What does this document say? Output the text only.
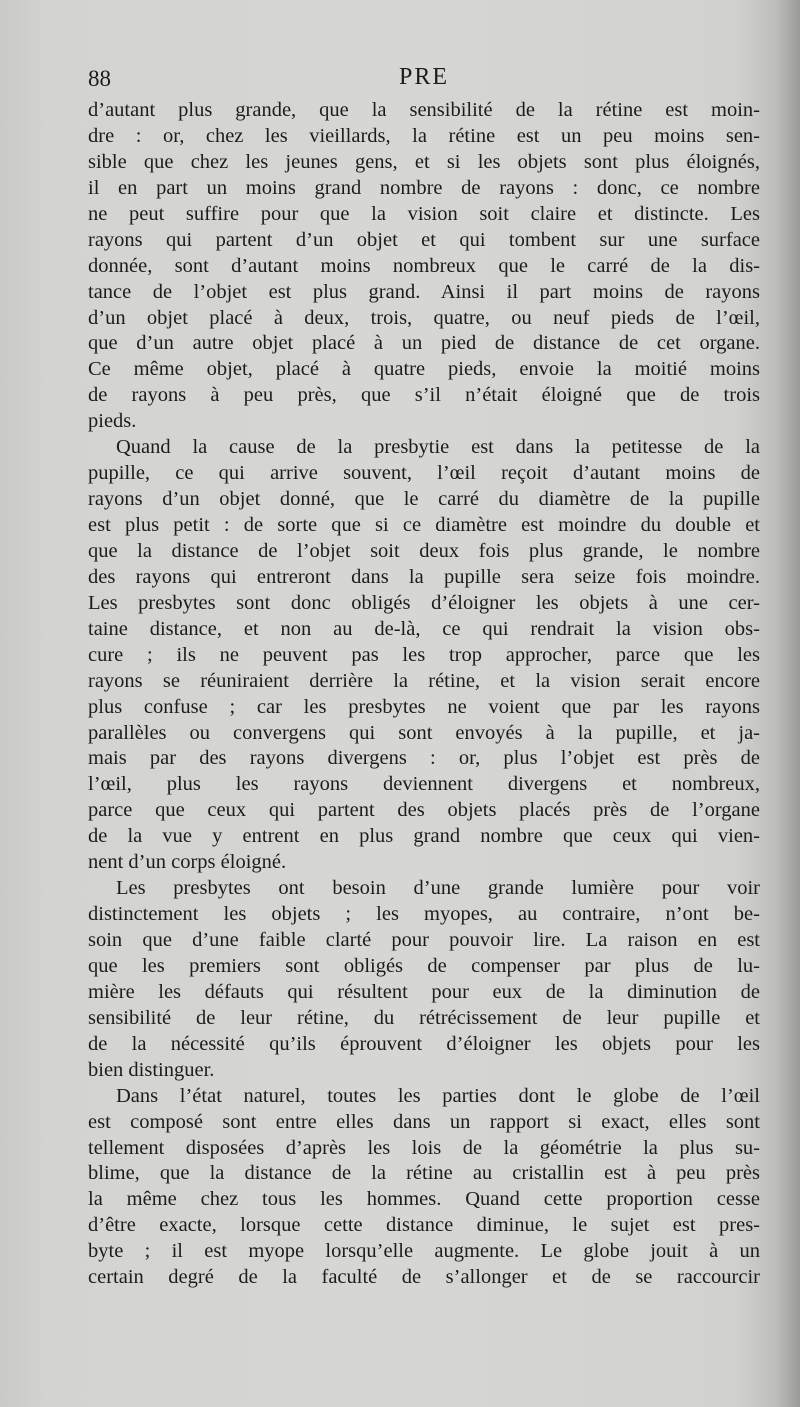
88	PRE
d’autant plus grande, que la sensibilité de la rétine est moin-
dre : or, chez les vieillards, la rétine est un peu moins sen-
sible que chez les jeunes gens, et si les objets sont plus éloignés,
il en part un moins grand nombre de rayons : donc, ce nombre
ne peut suffire pour que la vision soit claire et distincte. Les
rayons qui partent d’un objet et qui tombent sur une surface
donnée, sont d’autant moins nombreux que le carré de la dis-
tance de l’objet est plus grand. Ainsi il part moins de rayons
d’un objet placé à deux, trois, quatre, ou neuf pieds de l’œil,
que d’un autre objet placé à un pied de distance de cet organe.
Ce même objet, placé à quatre pieds, envoie la moitié moins
de rayons à peu près, que s’il n’était éloigné que de trois
pieds.
Quand la cause de la presbytie est dans la petitesse de la
pupille, ce qui arrive souvent, l’œil reçoit d’autant moins de
rayons d’un objet donné, que le carré du diamètre de la pupille
est plus petit : de sorte que si ce diamètre est moindre du double et
que la distance de l’objet soit deux fois plus grande, le nombre
des rayons qui entreront dans la pupille sera seize fois moindre.
Les presbytes sont donc obligés d’éloigner les objets à une cer-
taine distance, et non au de-là, ce qui rendrait la vision obs-
cure ; ils ne peuvent pas les trop approcher, parce que les
rayons se réuniraient derrière la rétine, et la vision serait encore
plus confuse ; car les presbytes ne voient que par les rayons
parallèles ou convergens qui sont envoyés à la pupille, et ja-
mais par des rayons divergens : or, plus l’objet est près de
l’œil, plus les rayons deviennent divergens et nombreux,
parce que ceux qui partent des objets placés près de l’organe
de la vue y entrent en plus grand nombre que ceux qui vien-
nent d’un corps éloigné.
Les presbytes ont besoin d’une grande lumière pour voir
distinctement les objets ; les myopes, au contraire, n’ont be-
soin que d’une faible clarté pour pouvoir lire. La raison en est
que les premiers sont obligés de compenser par plus de lu-
mière les défauts qui résultent pour eux de la diminution de
sensibilité de leur rétine, du rétrécissement de leur pupille et
de la nécessité qu’ils éprouvent d’éloigner les objets pour les
bien distinguer.
Dans l’état naturel, toutes les parties dont le globe de l’œil
est composé sont entre elles dans un rapport si exact, elles sont
tellement disposées d’après les lois de la géométrie la plus su-
blime, que la distance de la rétine au cristallin est à peu près
la même chez tous les hommes. Quand cette proportion cesse
d’être exacte, lorsque cette distance diminue, le sujet est pres-
byte ; il est myope lorsqu’elle augmente. Le globe jouit à un
certain degré de la faculté de s’allonger et de se raccourcir
